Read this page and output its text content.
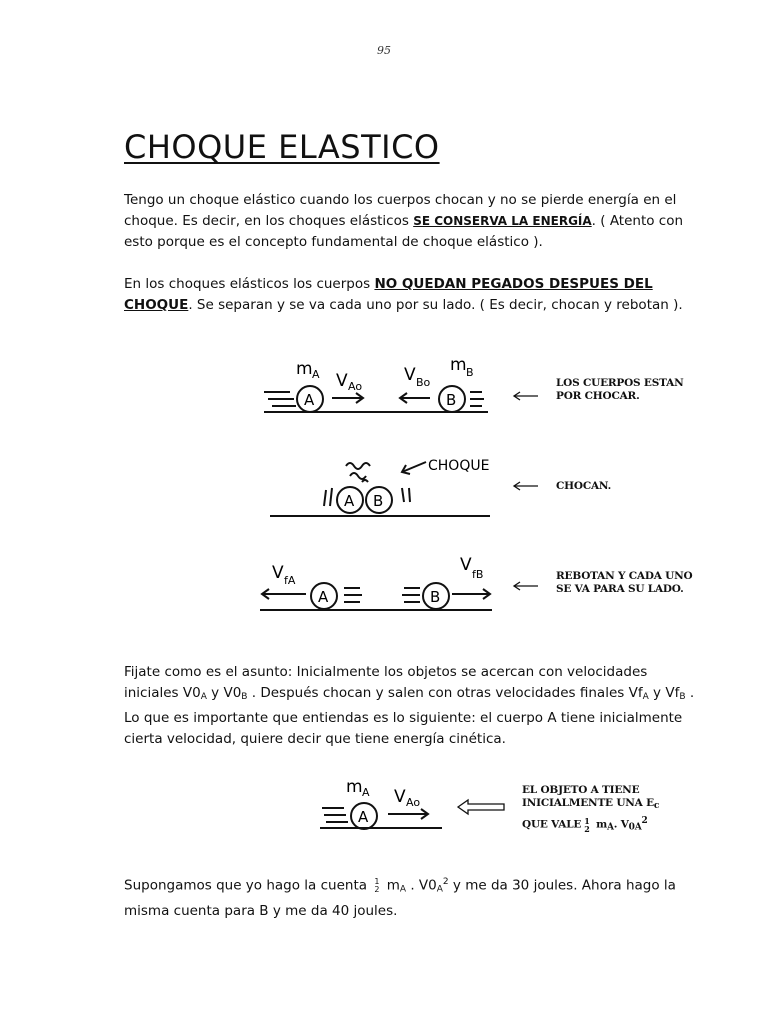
95
CHOQUE ELASTICO
Tengo un choque elástico cuando los cuerpos chocan y no se pierde energía en el choque. Es decir, en los choques elásticos SE CONSERVA LA ENERGÍA. ( Atento con esto porque es el concepto fundamental de choque elástico ).
En los choques elásticos los cuerpos NO QUEDAN PEGADOS DESPUES DEL CHOQUE. Se separan y se va cada uno por su lado. ( Es decir, chocan y rebotan ).
A	B
m A	m B
V Ao
V Bo	LOS CUERPOS ESTAN
POR CHOCAR.
A B
CHOQUE
CHOCAN.
A	B
V fA
V fB	REBOTAN Y CADA UNO
SE VA PARA SU LADO.
Fijate como es el asunto: Inicialmente los objetos se acercan con velocidades iniciales $V0_A$ y $V0_B$ . Después chocan y salen con otras velocidades finales $Vf_A$ y $Vf_B$ . Lo que es importante que entiendas es lo siguiente: el cuerpo A tiene inicialmente cierta velocidad, quiere decir que tiene energía cinética.
A
m A V Ao
EL OBJETO A TIENE
INICIALMENTE UNA $E_c$
QUE VALE 1
2 $m_A$. $V_{0A}^2$
Supongamos que yo hago la cuenta 1
2 $m_A$ . $V0_A^2$ y me da 30 joules. Ahora hago la misma cuenta para B y me da 40 joules.
